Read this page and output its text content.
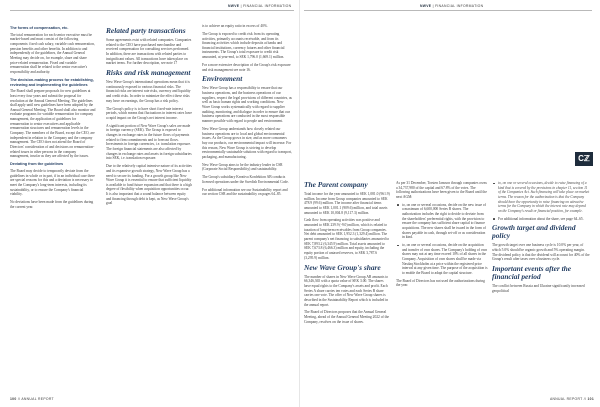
NWVE | FINANCIAL INFORMATION
The forms of compensation, etc.
The total remuneration for each senior executive must be market-based and must consist of the following components: fixed cash salary, variable cash remuneration, pension benefits and other benefits. In addition to and independently of the guidelines, the Annual General Meeting may decide on, for example, share and share price-related remuneration. Fixed and variable remuneration shall be related to the senior executive's responsibility and authority.
The decision-making process for establishing, reviewing and implementing the guidelines
The Board shall prepare proposals for new guidelines at least every four years and submit the proposal for resolution at the Annual General Meeting. The guidelines shall apply until new guidelines have been adopted by the Annual General Meeting. The Board shall also monitor and evaluate programs for variable remuneration for company management, the application of guidelines for remuneration to senior executives and applicable remuneration structures and remuneration levels in the Company. The members of the Board, except the CEO, are independent in relation to the Company and the company management. The CEO does not attend the Board of Directors' consideration of and decisions on remuneration-related issues in other persons in the company management, insofar as they are affected by the issues.
Deviating from the guidelines
The Board may decide to temporarily deviate from the guidelines in whole or in part, if in an individual case there are special reasons for this and a deviation is necessary to meet the Company's long-term interests, including its sustainability, or to ensure the Company's financial viability.
No deviations have been made from the guidelines during the current year.
Related party transactions
Some agreements exist with related companies. Companies related to the CEO have purchased merchandise and received compensation for consulting services performed. In addition, there are transactions with related parties to insignificant values. All transactions have taken place on market terms. For further description, see note 17
Risks and risk management
New Wave Group's international operations mean that it is continuously exposed to various financial risks. The financial risks are interest rate risks, currency and liquidity and credit risks. In order to minimize the effect these risks may have on earnings, the Group has a risk policy.
The Group's policy is to have short fixed-rate interest periods, which means that fluctuations in interest rates have a rapid impact on the Group's net interest income.
A significant portion of New Wave Group's sales are made in foreign currency (SEK). The Group is exposed to changes in exchange rates in the future flows of payments related to firm commitments and to forecast flows. Investments in foreign currencies, i.e. translation exposure. The foreign financial statements are also affected by changes in exchange rates and assets in foreign subsidiaries into SEK, i.e. translation exposure.
Due to the relatively capital intensive nature of its activities and its expansive growth strategy, New Wave Group has a need to secure its funding. For a growth group like New Wave Group it is essential to ensure that sufficient liquidity is available to fund future expansion and that there is a high degree of flexibility when acquisition opportunities occur. It is also important that a sound balance between equity and financing through debt is kept, as New Wave Group's goal
is to achieve an equity ratio in excess of 40%.
The Group is exposed to credit risk from its operating activities, primarily accounts receivable, and from its financing activities which include deposits at banks and financial institutions, currency futures and other financial instruments. The Group's total exposure to credit risk amounted, at year-end, to SEK 1,796.0 (1,669.1) million.
For a more extensive description of the Group's risk exposure and risk management see note 16.
Environment
New Wave Group has a responsibility to ensure that our business operations, and the business operations of our suppliers, respect the legal provisions of different countries, as well as basic human rights and working conditions. New Wave Group works systematically with regard to supplier auditing, monitoring, and dialogue in order to ensure that our business operations are conducted in the most responsible manner possible with regard to people and environment.
New Wave Group understands how closely related our business operations are to local and global environmental issues. As the Group grows in size, and as more consumers buy our products, our environmental impact will increase. For this reason, New Wave Group is striving to develop environmentally sustainable solutions with regard to transport, packaging, and manufacturing.
New Wave Group aims to be the industry leader in CSR (Corporate Social Responsibility) and sustainability.
The Group's subsidiary Kreativa Konfektion AB conducts licensed operations under the Swedish Environmental Code.
For additional information see our Sustainability report and our section CSR and the sustainability on pages 64–85.
100 // ANNUAL REPORT
NWVE | FINANCIAL INFORMATION
The Parent company
Total income for the year amounted to SEK 1,081.0 (961.9) million. Income from Group companies amounted to SEK 478.9 (99.6) million. The income after financial items amounted to SEK 1,001.1 (909.6) million, and total assets amounted to SEK 10,004.8 (9,117.3) million.
Cash flow from operating activities was positive and amounted to SEK 239.9 (-9.0) million, which is related to taxation of long-term receivables from Group companies. Net debt amounted to SEK 1,952.3 (1,329.4) million. The parent company's net financing to subsidiaries amounted to SEK 7,893.2 (6,345.9) million. Total assets amounted to SEK 7,673.8 (6,466.3) million and equity, including the equity portion of untaxed reserves, to SEK 3,787.6 (3,295.9) million.
New Wave Group's share
The number of shares in New Wave Group AB amounts to 66,346,365 with a quota value of SEK 3.00. The shares have equal rights to the Company's assets and profit. Each Series A share carries ten votes and each Series B share carries one vote. The offer of New Wave Group shares is described in the Sustainability Report which is included in the annual report.
The Board of Directors proposes that the Annual General Meeting, ahead of the Annual General Meeting 2022 of the Company, resolves on the issue of shares.
As per 31 December, Torsten Jansson through companies owns a 34,737,980 of the capital and 67.8% of the votes. The following authorizations have been given to the Board until the next AGM:
to, on one or several occasions, decide on the new issue of a maximum of 6,600,000 Series B shares. The authorization includes the right to decide to deviate from the shareholders' preferential rights, with the provision to ensure the company has sufficient share capital to finance acquisitions. The new shares shall be issued in the form of shares payable in cash, through set-off or as consideration in kind.
to, on one or several occasions, decide on the acquisition and transfer of own shares. The Company's holding of own shares may not at any time exceed 10% of all shares in the Company. Acquisition of own shares shall be made via Nasdaq Stockholm at a price within the registered price interval at any given time. The purpose of the acquisition is to enable the Board to adapt the capital structure.
The Board of Directors has not used the authorizations during the year.
to, on one or several occasions, decide to raise financing of a kind that is covered by the provisions in chapter 11, section 11 of the Companies Act. Such financing will take place on market terms. The reason for the authorization is that the Company should have the opportunity to raise financing on attractive terms for the Company in which the interest rate may depend on the Company's result or financial position, for example.
For additional information about the share, see page 64–65.
Growth target and dividend policy
The growth target over one business cycle is 10.0% per year, of which 5.0% should be organic growth and 5% operating margin. The dividend policy is that the dividend will account for 40% of the Group's result after taxes over a business cycle.
Important events after the financial period
The conflict between Russia and Ukraine significantly increased geopolitical
ANNUAL REPORT // 101
Cℤ
